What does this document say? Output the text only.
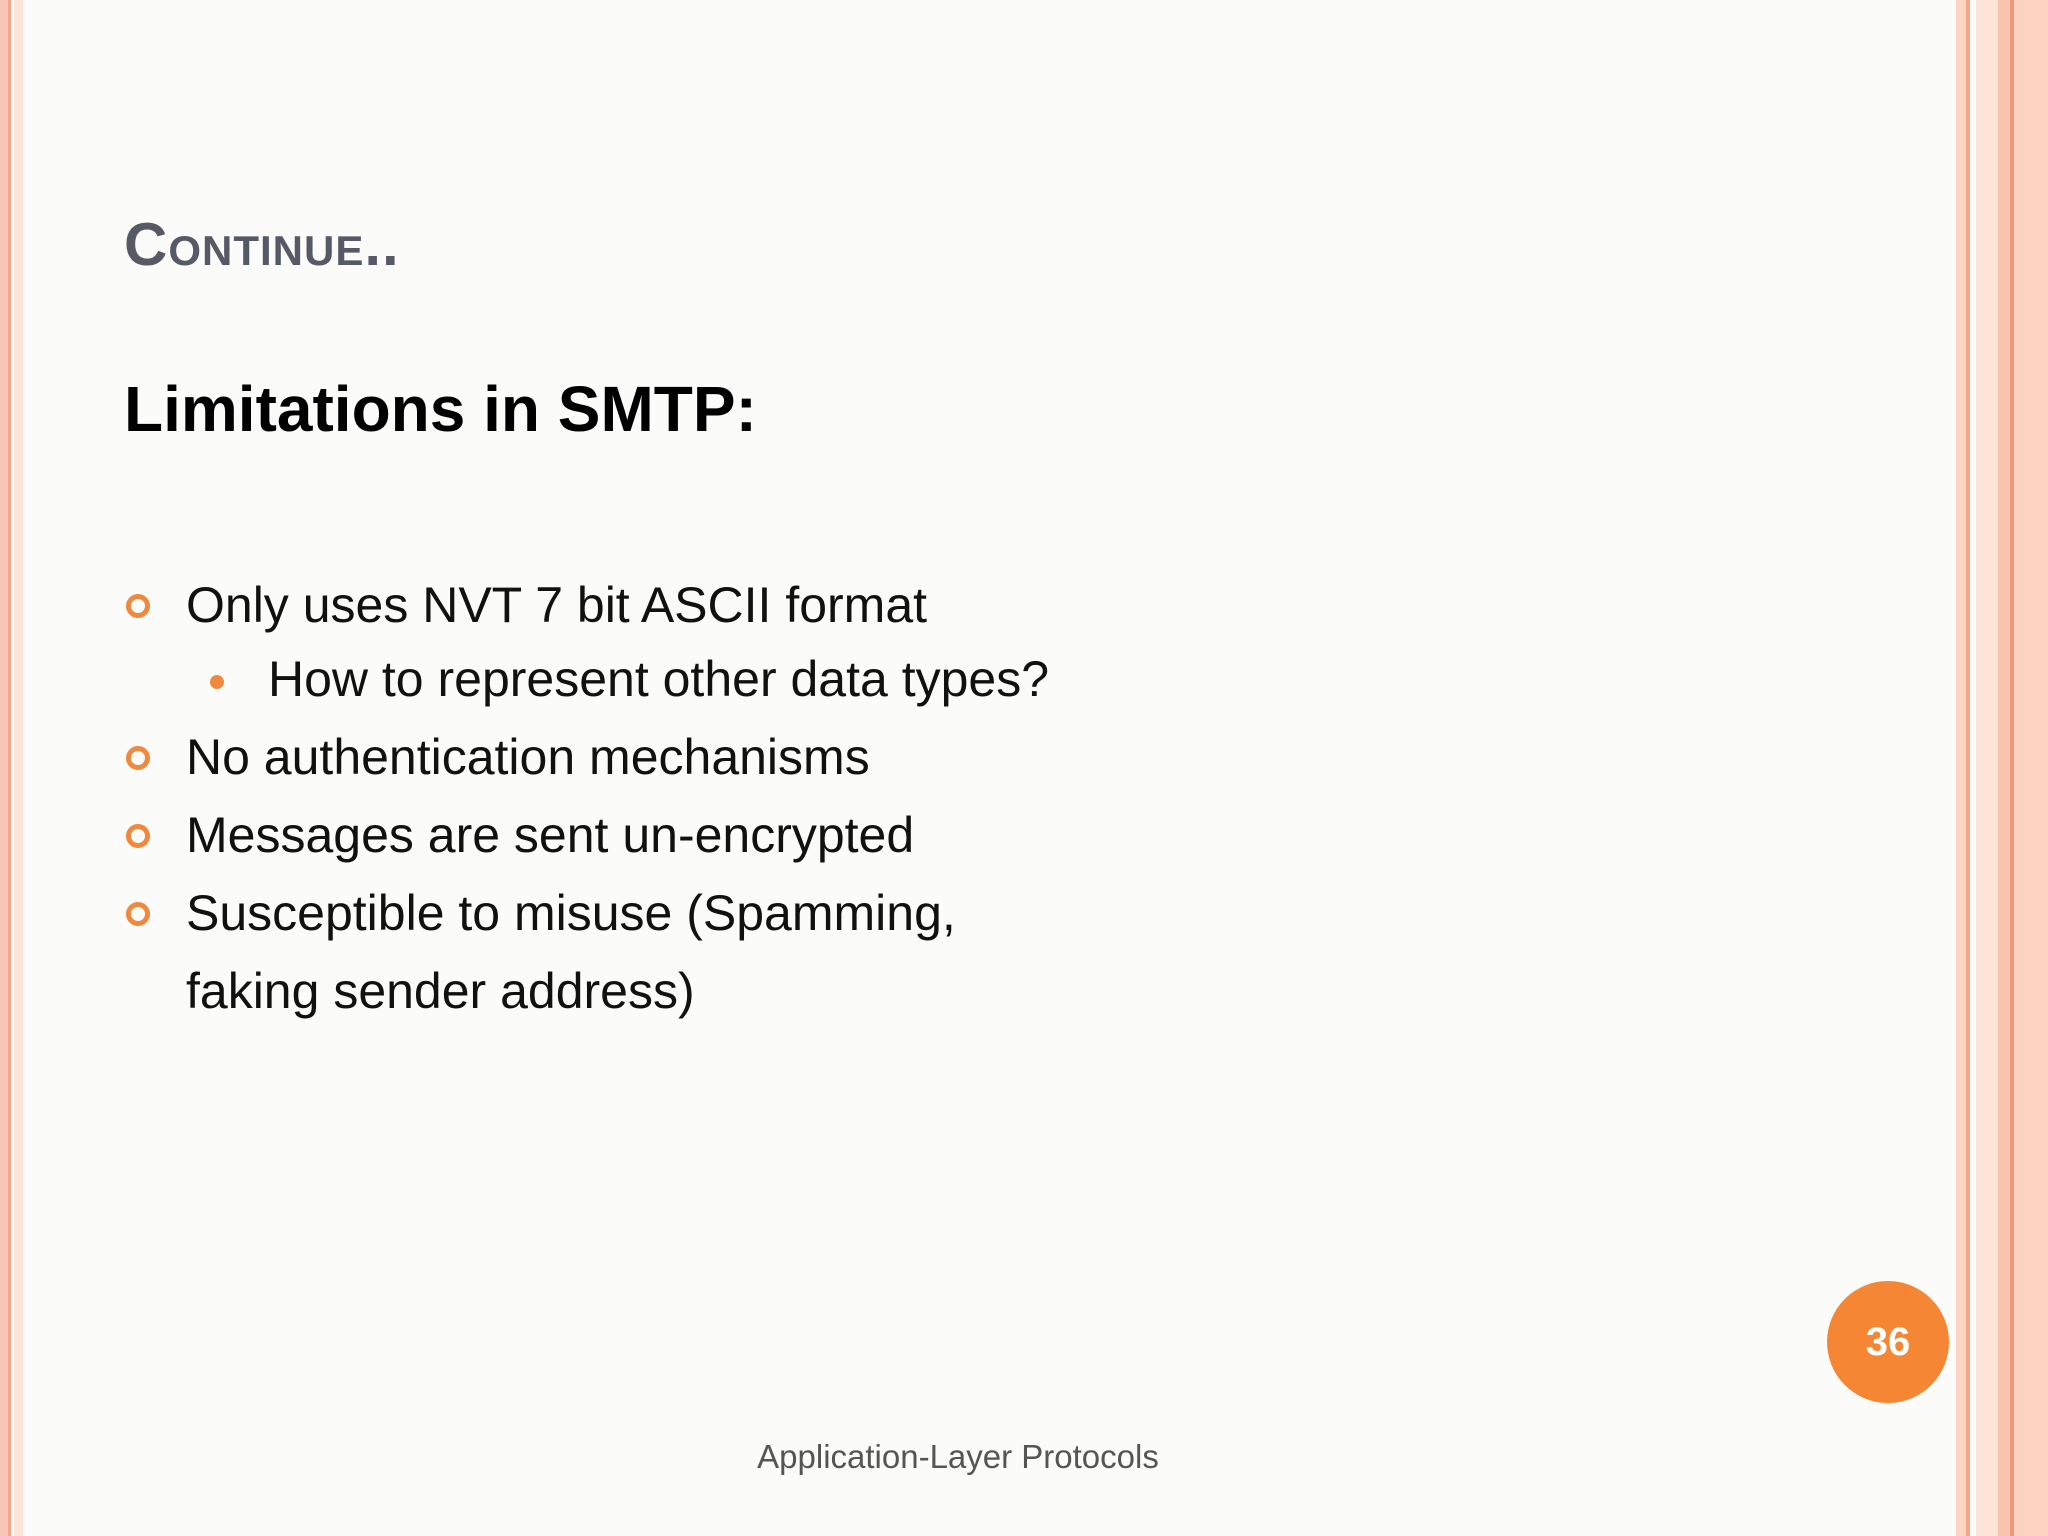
Continue..
Limitations in SMTP:
Only uses NVT 7 bit ASCII format
How to represent other data types?
No authentication mechanisms
Messages are sent un-encrypted
Susceptible to misuse (Spamming,
faking sender address)
36
Application-Layer Protocols
